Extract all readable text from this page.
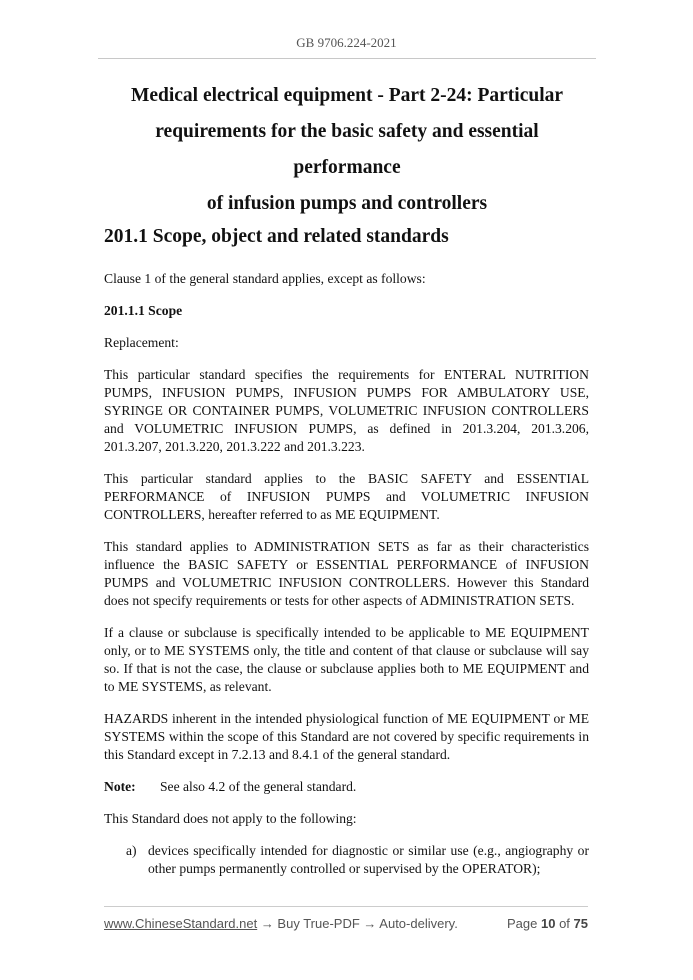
GB 9706.224-2021
Medical electrical equipment - Part 2-24: Particular
requirements for the basic safety and essential performance
of infusion pumps and controllers
201.1 Scope, object and related standards

Clause 1 of the general standard applies, except as follows:

201.1.1 Scope

Replacement:

This particular standard specifies the requirements for ENTERAL NUTRITION PUMPS, INFUSION PUMPS, INFUSION PUMPS FOR AMBULATORY USE, SYRINGE OR CONTAINER PUMPS, VOLUMETRIC INFUSION CONTROLLERS and VOLUMETRIC INFUSION PUMPS, as defined in 201.3.204, 201.3.206, 201.3.207, 201.3.220, 201.3.222 and 201.3.223.

This particular standard applies to the BASIC SAFETY and ESSENTIAL PERFORMANCE of INFUSION PUMPS and VOLUMETRIC INFUSION CONTROLLERS, hereafter referred to as ME EQUIPMENT.

This standard applies to ADMINISTRATION SETS as far as their characteristics influence the BASIC SAFETY or ESSENTIAL PERFORMANCE of INFUSION PUMPS and VOLUMETRIC INFUSION CONTROLLERS. However this Standard does not specify requirements or tests for other aspects of ADMINISTRATION SETS.

If a clause or subclause is specifically intended to be applicable to ME EQUIPMENT only, or to ME SYSTEMS only, the title and content of that clause or subclause will say so. If that is not the case, the clause or subclause applies both to ME EQUIPMENT and to ME SYSTEMS, as relevant.

HAZARDS inherent in the intended physiological function of ME EQUIPMENT or ME SYSTEMS within the scope of this Standard are not covered by specific requirements in this Standard except in 7.2.13 and 8.4.1 of the general standard.

Note:	See also 4.2 of the general standard.

This Standard does not apply to the following:

a) devices specifically intended for diagnostic or similar use (e.g., angiography or other pumps permanently controlled or supervised by the OPERATOR);
www.ChineseStandard.net → Buy True-PDF → Auto-delivery.	Page 10 of 75
